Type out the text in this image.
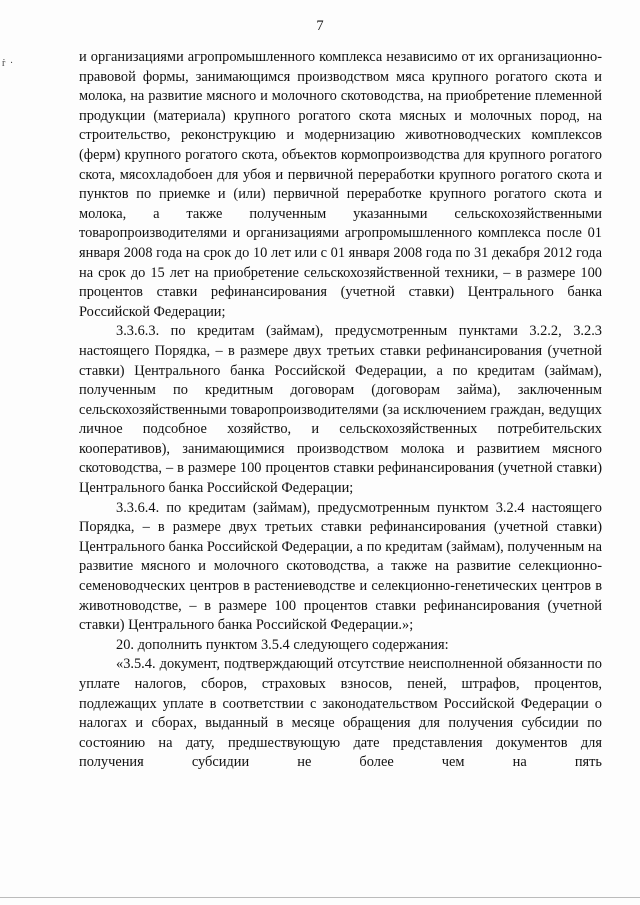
7
ṙ ·	и организациями агропромышленного комплекса независимо от их организационно-правовой формы, занимающимся производством мяса крупного рогатого скота и молока, на развитие мясного и молочного скотоводства, на приобретение племенной продукции (материала) крупного рогатого скота мясных и молочных пород, на строительство, реконструкцию и модернизацию животноводческих комплексов (ферм) крупного рогатого скота, объектов кормопроизводства для крупного рогатого скота, мясохладобоен для убоя и первичной переработки крупного рогатого скота и пунктов по приемке и (или) первичной переработке крупного рогатого скота и молока, а также полученным указанными сельскохозяйственными товаропроизводителями и организациями агропромышленного комплекса после 01 января 2008 года на срок до 10 лет или с 01 января 2008 года по 31 декабря 2012 года на срок до 15 лет на приобретение сельскохозяйственной техники, – в размере 100 процентов ставки рефинансирования (учетной ставки) Центрального банка Российской Федерации;

3.3.6.3. по кредитам (займам), предусмотренным пунктами 3.2.2, 3.2.3 настоящего Порядка, – в размере двух третьих ставки рефинансирования (учетной ставки) Центрального банка Российской Федерации, а по кредитам (займам), полученным по кредитным договорам (договорам займа), заключенным сельскохозяйственными товаропроизводителями (за исключением граждан, ведущих личное подсобное хозяйство, и сельскохозяйственных потребительских кооперативов), занимающимися производством молока и развитием мясного скотоводства, – в размере 100 процентов ставки рефинансирования (учетной ставки) Центрального банка Российской Федерации;

3.3.6.4. по кредитам (займам), предусмотренным пунктом 3.2.4 настоящего Порядка, – в размере двух третьих ставки рефинансирования (учетной ставки) Центрального банка Российской Федерации, а по кредитам (займам), полученным на развитие мясного и молочного скотоводства, а также на развитие селекционно-семеноводческих центров в растениеводстве и селекционно-генетических центров в животноводстве, – в размере 100 процентов ставки рефинансирования (учетной ставки) Центрального банка Российской Федерации.»;

20. дополнить пунктом 3.5.4 следующего содержания:

«3.5.4. документ, подтверждающий отсутствие неисполненной обязанности по уплате налогов, сборов, страховых взносов, пеней, штрафов, процентов, подлежащих уплате в соответствии с законодательством Российской Федерации о налогах и сборах, выданный в месяце обращения для получения субсидии по состоянию на дату, предшествующую дате представления документов для получения субсидии не более чем на пять
